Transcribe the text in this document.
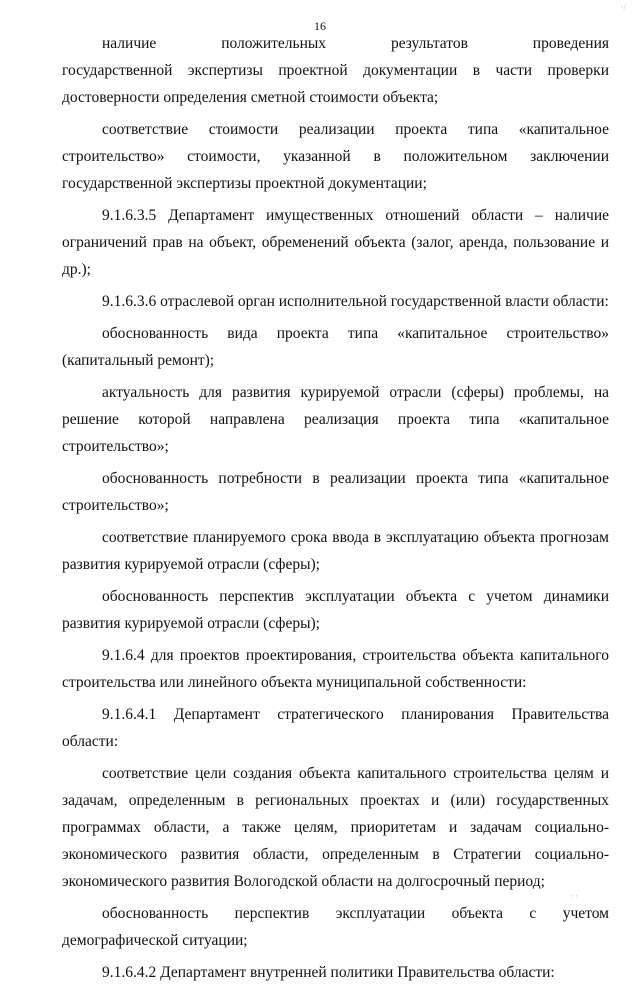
·/
16

наличие положительных результатов проведения
государственной экспертизы проектной документации в части проверки достоверности определения сметной стоимости объекта;

соответствие стоимости реализации проекта типа «капитальное строительство» стоимости, указанной в положительном заключении государственной экспертизы проектной документации;

9.1.6.3.5 Департамент имущественных отношений области – наличие ограничений прав на объект, обременений объекта (залог, аренда, пользование и др.);

9.1.6.3.6 отраслевой орган исполнительной государственной власти области:

обоснованность вида проекта типа «капитальное строительство» (капитальный ремонт);

актуальность для развития курируемой отрасли (сферы) проблемы, на решение которой направлена реализация проекта типа «капитальное строительство»;

обоснованность потребности в реализации проекта типа «капитальное строительство»;

соответствие планируемого срока ввода в эксплуатацию объекта прогнозам развития курируемой отрасли (сферы);

обоснованность перспектив эксплуатации объекта с учетом динамики развития курируемой отрасли (сферы);

9.1.6.4 для проектов проектирования, строительства объекта капитального строительства или линейного объекта муниципальной собственности:

9.1.6.4.1 Департамент стратегического планирования Правительства области:

соответствие цели создания объекта капитального строительства целям и задачам, определенным в региональных проектах и (или) государственных программах области, а также целям, приоритетам и задачам социально-экономического развития области, определенным в Стратегии социально-экономического развития Вологодской области на долгосрочный период;

обоснованность перспектив эксплуатации объекта с учетом демографической ситуации;

9.1.6.4.2 Департамент внутренней политики Правительства области:

· ·
